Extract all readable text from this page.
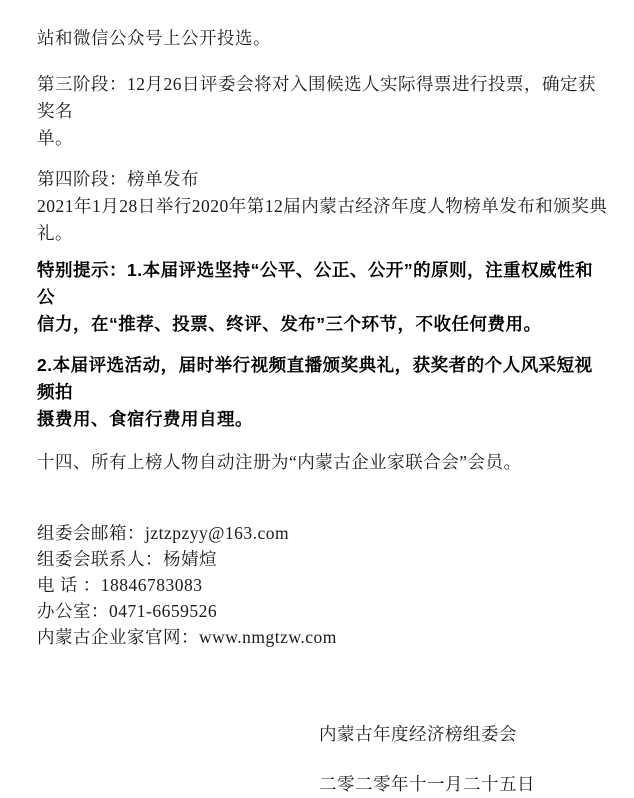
站和微信公众号上公开投选。

第三阶段：12月26日评委会将对入围候选人实际得票进行投票，确定获奖名
单。

第四阶段：榜单发布
2021年1月28日举行2020年第12届内蒙古经济年度人物榜单发布和颁奖典礼。

特别提示：1.本届评选坚持“公平、公正、公开”的原则，注重权威性和公
信力，在“推荐、投票、终评、发布”三个环节，不收任何费用。

2.本届评选活动，届时举行视频直播颁奖典礼，获奖者的个人风采短视频拍
摄费用、食宿行费用自理。

十四、所有上榜人物自动注册为“内蒙古企业家联合会”会员。

组委会邮箱：jztzpzyy@163.com

组委会联系人：杨婧煊

电 话 ：18846783083

办公室：0471-6659526

内蒙古企业家官网：www.nmgtzw.com

内蒙古年度经济榜组委会

二零二零年十一月二十五日
